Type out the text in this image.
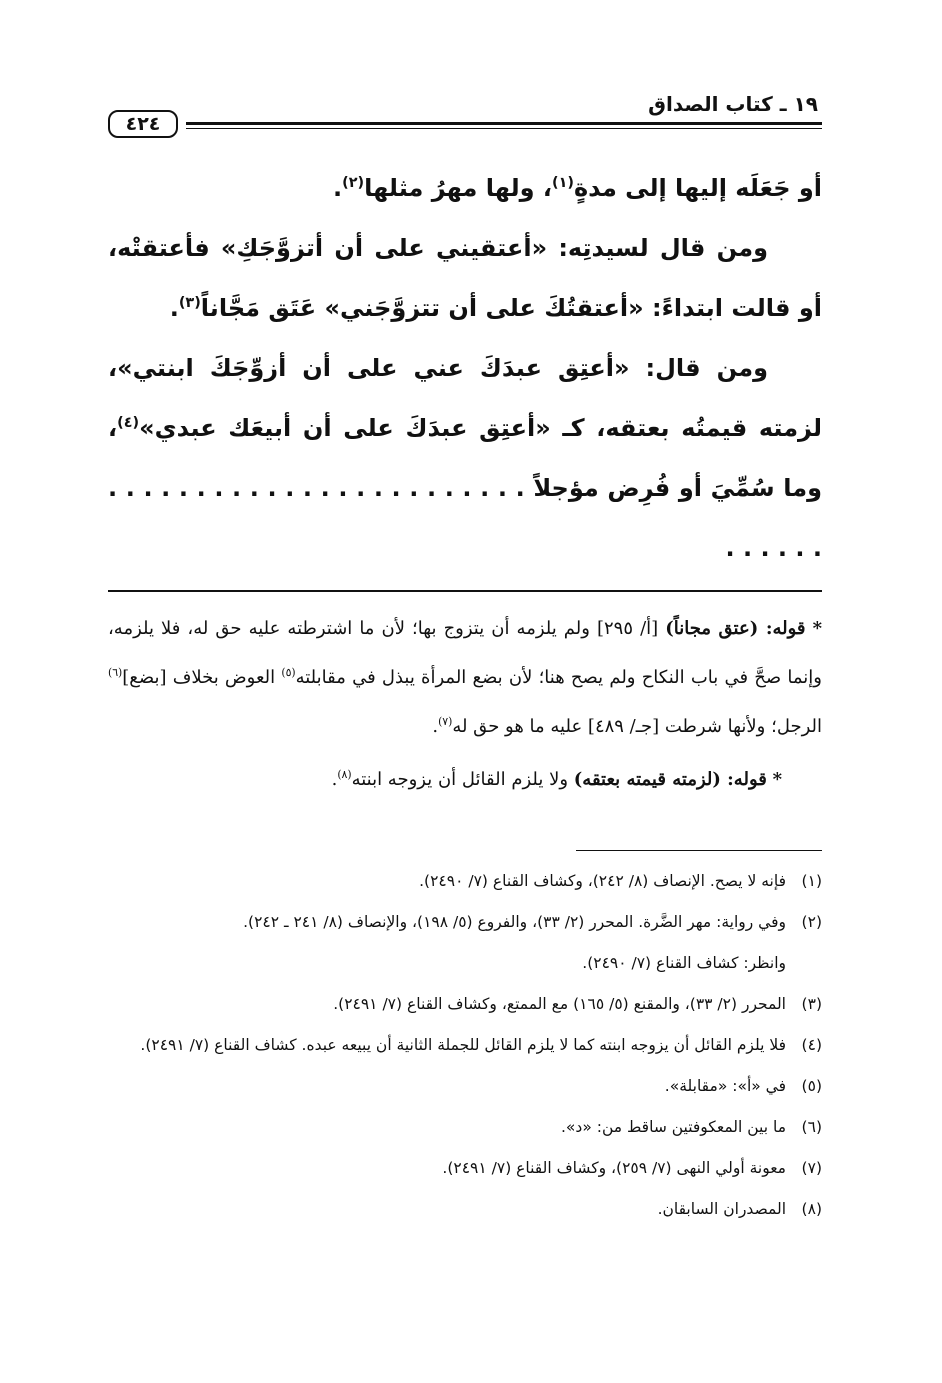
١٩ ـ كتاب الصداق
٤٢٤

أو جَعَلَه إليها إلى مدةٍ$^{(١)}$، ولها مهرُ مثلها$^{(٢)}$.

ومن قال لسيدتِه: «أعتقيني على أن أتزوَّجَكِ» فأعتقتْه، أو قالت ابتداءً: «أعتقتُكَ على أن تتزوَّجَني» عَتَق مَجَّاناً$^{(٣)}$.

ومن قال: «أعتِق عبدَكَ عني على أن أزوِّجَكَ ابنتي»، لزمته قيمتُه بعتقه، كـ «أعتِق عبدَكَ على أن أبيعَك عبدي»$^{(٤)}$، وما سُمِّيَ أو فُرِض مؤجلاً . . . . . . . . . . . . . . . . . . . . . . . . . . . . . .

* قوله: (عتق مجاناً) [أ/ ٢٩٥] ولم يلزمه أن يتزوج بها؛ لأن ما اشترطته عليه حق له، فلا يلزمه، وإنما صحَّ في باب النكاح ولم يصح هنا؛ لأن بضع المرأة يبذل في مقابلته$^{(٥)}$ العوض بخلاف [بضع]$^{(٦)}$ الرجل؛ ولأنها شرطت [جـ/ ٤٨٩] عليه ما هو حق له$^{(٧)}$.

* قوله: (لزمته قيمته بعتقه) ولا يلزم القائل أن يزوجه ابنته$^{(٨)}$.

(١)
فإنه لا يصح. الإنصاف (٨/ ٢٤٢)، وكشاف القناع (٧/ ٢٤٩٠).
(٢)
وفي رواية: مهر الضَّرة. المحرر (٢/ ٣٣)، والفروع (٥/ ١٩٨)، والإنصاف (٨/ ٢٤١ ـ ٢٤٢).
وانظر: كشاف القناع (٧/ ٢٤٩٠).
(٣)
المحرر (٢/ ٣٣)، والمقنع (٥/ ١٦٥) مع الممتع، وكشاف القناع (٧/ ٢٤٩١).
(٤)
فلا يلزم القائل أن يزوجه ابنته كما لا يلزم القائل للجملة الثانية أن يبيعه عبده. كشاف القناع (٧/ ٢٤٩١).
(٥)
في «أ»: «مقابلة».
(٦)
ما بين المعكوفتين ساقط من: «د».
(٧)
معونة أولي النهى (٧/ ٢٥٩)، وكشاف القناع (٧/ ٢٤٩١).
(٨)
المصدران السابقان.
